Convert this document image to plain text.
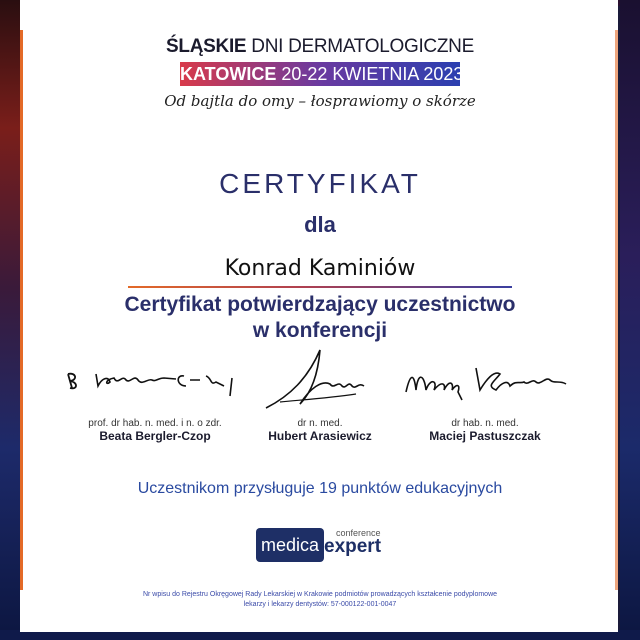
ŚLĄSKIE DNI DERMATOLOGICZNE
KATOWICE 20-22 KWIETNIA 2023
Od bajtla do omy – łosprawiomy o skórze
CERTYFIKAT
dla
Konrad Kaminiów
Certyfikat potwierdzający uczestnictwo
w konferencji
prof. dr hab. n. med. i n. o zdr.
Beata Bergler-Czop
dr n. med.
Hubert Arasiewicz
dr hab. n. med.
Maciej Pastuszczak
Uczestnikom przysługuje 19 punktów edukacyjnych
medica
conference
expert
Nr wpisu do Rejestru Okręgowej Rady Lekarskiej w Krakowie podmiotów prowadzących kształcenie podyplomowe
lekarzy i lekarzy dentystów: 57-000122-001-0047
